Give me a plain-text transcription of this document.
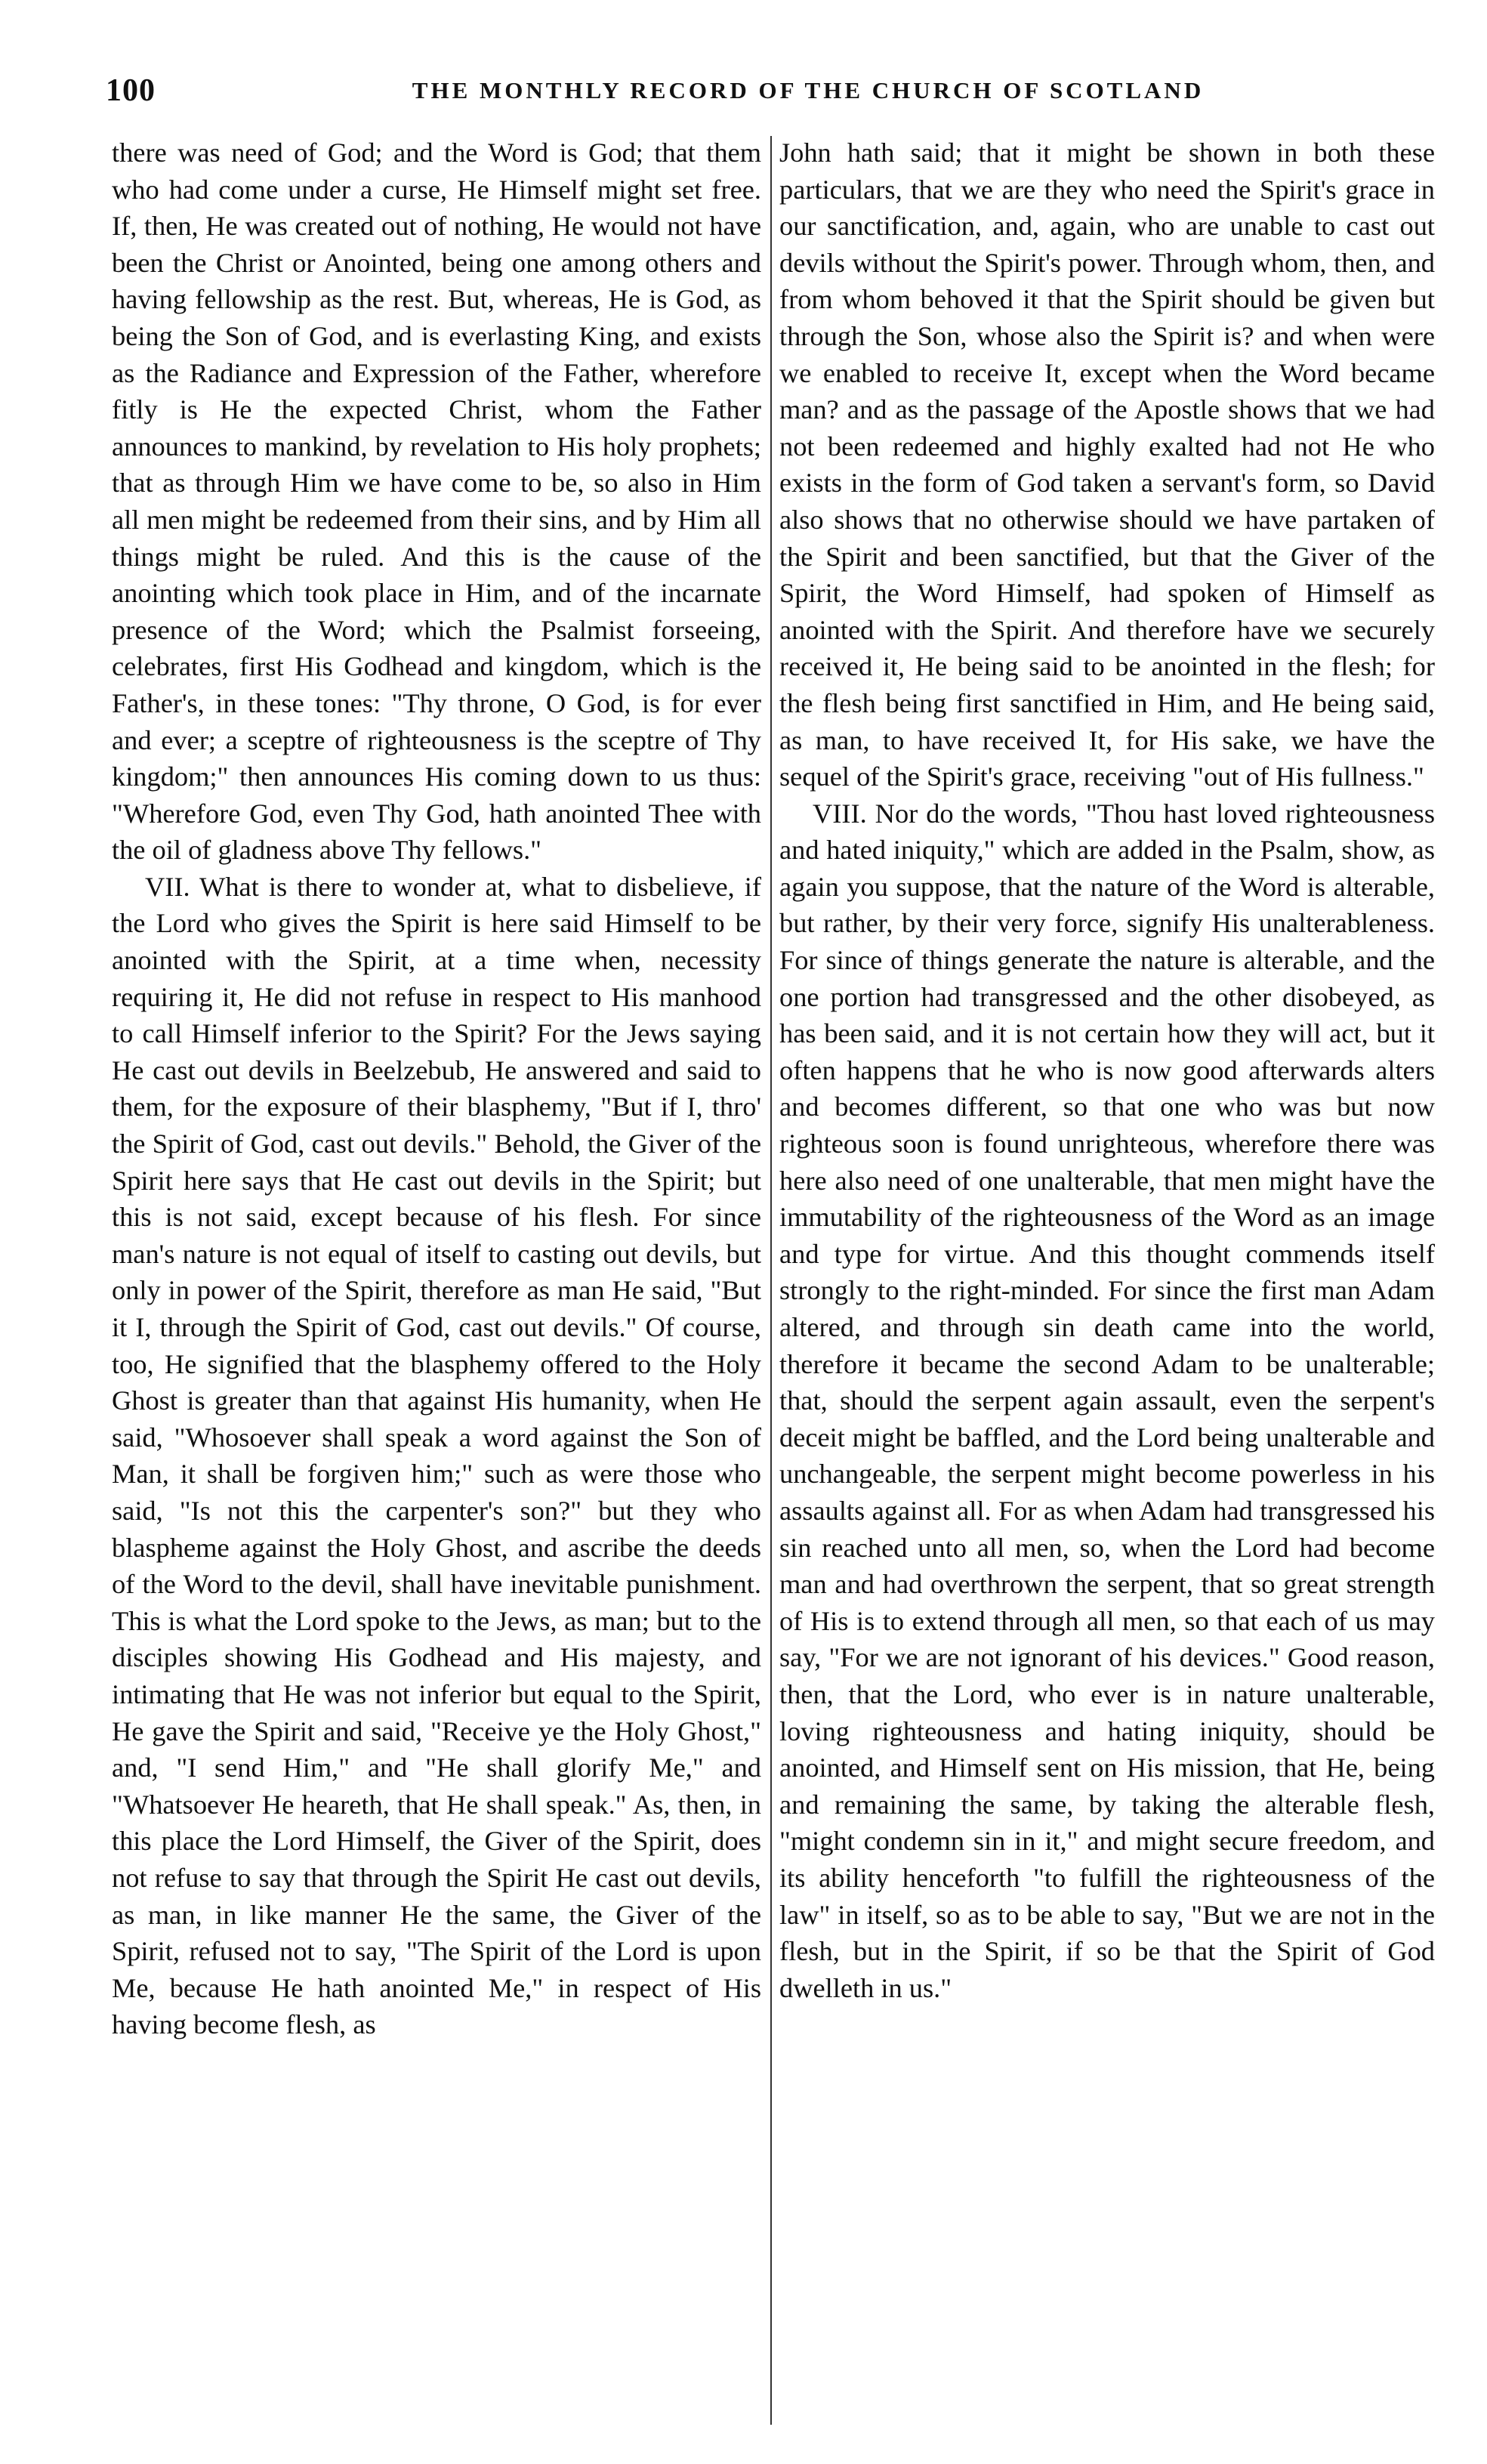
100	THE MONTHLY RECORD OF THE CHURCH OF SCOTLAND

there was need of God; and the Word is God; that them who had come under a curse, He Himself might set free. If, then, He was created out of nothing, He would not have been the Christ or Anointed, being one among others and having fellowship as the rest. But, whereas, He is God, as being the Son of God, and is everlasting King, and exists as the Radiance and Expression of the Father, wherefore fitly is He the expected Christ, whom the Father announces to mankind, by revelation to His holy prophets; that as through Him we have come to be, so also in Him all men might be redeemed from their sins, and by Him all things might be ruled. And this is the cause of the anointing which took place in Him, and of the incarnate presence of the Word; which the Psalmist forseeing, celebrates, first His Godhead and kingdom, which is the Father's, in these tones: "Thy throne, O God, is for ever and ever; a sceptre of righteousness is the sceptre of Thy kingdom;" then announces His coming down to us thus: "Wherefore God, even Thy God, hath anointed Thee with the oil of gladness above Thy fellows."

VII. What is there to wonder at, what to disbelieve, if the Lord who gives the Spirit is here said Himself to be anointed with the Spirit, at a time when, necessity requiring it, He did not refuse in respect to His manhood to call Himself inferior to the Spirit? For the Jews saying He cast out devils in Beelzebub, He answered and said to them, for the exposure of their blasphemy, "But if I, thro' the Spirit of God, cast out devils." Behold, the Giver of the Spirit here says that He cast out devils in the Spirit; but this is not said, except because of his flesh. For since man's nature is not equal of itself to casting out devils, but only in power of the Spirit, therefore as man He said, "But it I, through the Spirit of God, cast out devils." Of course, too, He signified that the blasphemy offered to the Holy Ghost is greater than that against His humanity, when He said, "Whosoever shall speak a word against the Son of Man, it shall be forgiven him;" such as were those who said, "Is not this the carpenter's son?" but they who blaspheme against the Holy Ghost, and ascribe the deeds of the Word to the devil, shall have inevitable punishment. This is what the Lord spoke to the Jews, as man; but to the disciples showing His Godhead and His majesty, and intimating that He was not inferior but equal to the Spirit, He gave the Spirit and said, "Receive ye the Holy Ghost," and, "I send Him," and "He shall glorify Me," and "Whatsoever He heareth, that He shall speak." As, then, in this place the Lord Himself, the Giver of the Spirit, does not refuse to say that through the Spirit He cast out devils, as man, in like manner He the same, the Giver of the Spirit, refused not to say, "The Spirit of the Lord is upon Me, because He hath anointed Me," in respect of His having become flesh, as

John hath said; that it might be shown in both these particulars, that we are they who need the Spirit's grace in our sanctification, and, again, who are unable to cast out devils without the Spirit's power. Through whom, then, and from whom behoved it that the Spirit should be given but through the Son, whose also the Spirit is? and when were we enabled to receive It, except when the Word became man? and as the passage of the Apostle shows that we had not been redeemed and highly exalted had not He who exists in the form of God taken a servant's form, so David also shows that no otherwise should we have partaken of the Spirit and been sanctified, but that the Giver of the Spirit, the Word Himself, had spoken of Himself as anointed with the Spirit. And therefore have we securely received it, He being said to be anointed in the flesh; for the flesh being first sanctified in Him, and He being said, as man, to have received It, for His sake, we have the sequel of the Spirit's grace, receiving "out of His fullness."

VIII. Nor do the words, "Thou hast loved righteousness and hated iniquity," which are added in the Psalm, show, as again you suppose, that the nature of the Word is alterable, but rather, by their very force, signify His unalterableness. For since of things generate the nature is alterable, and the one portion had transgressed and the other disobeyed, as has been said, and it is not certain how they will act, but it often happens that he who is now good afterwards alters and becomes different, so that one who was but now righteous soon is found unrighteous, wherefore there was here also need of one unalterable, that men might have the immutability of the righteousness of the Word as an image and type for virtue. And this thought commends itself strongly to the right-minded. For since the first man Adam altered, and through sin death came into the world, therefore it became the second Adam to be unalterable; that, should the serpent again assault, even the serpent's deceit might be baffled, and the Lord being unalterable and unchangeable, the serpent might become powerless in his assaults against all. For as when Adam had transgressed his sin reached unto all men, so, when the Lord had become man and had overthrown the serpent, that so great strength of His is to extend through all men, so that each of us may say, "For we are not ignorant of his devices." Good reason, then, that the Lord, who ever is in nature unalterable, loving righteousness and hating iniquity, should be anointed, and Himself sent on His mission, that He, being and remaining the same, by taking the alterable flesh, "might condemn sin in it," and might secure freedom, and its ability henceforth "to fulfill the righteousness of the law" in itself, so as to be able to say, "But we are not in the flesh, but in the Spirit, if so be that the Spirit of God dwelleth in us."
